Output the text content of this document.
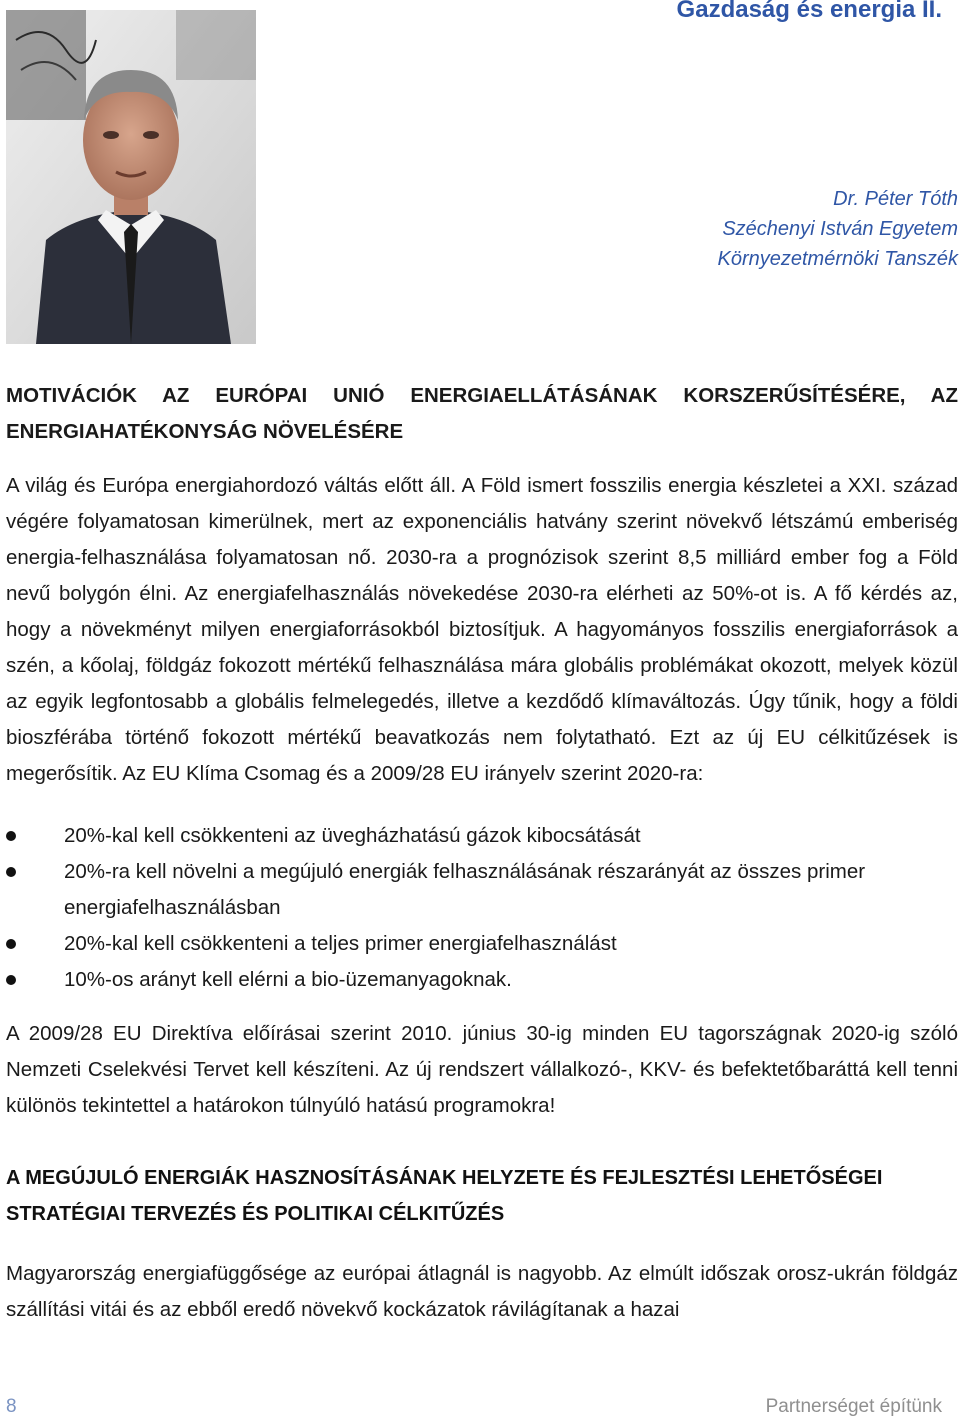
Gazdaság és energia II.
Dr. Péter Tóth
Széchenyi István Egyetem
Környezetmérnöki Tanszék
MOTIVÁCIÓK AZ EURÓPAI UNIÓ ENERGIAELLÁTÁSÁNAK KORSZERŰSÍTÉSÉRE, AZ ENERGIAHATÉKONYSÁG NÖVELÉSÉRE

A világ és Európa energiahordozó váltás előtt áll. A Föld ismert fosszilis energia készletei a XXI. század végére folyamatosan kimerülnek, mert az exponenciális hatvány szerint növekvő létszámú emberiség energia-felhasználása folyamatosan nő. 2030-ra a prognózisok szerint 8,5 milliárd ember fog a Föld nevű bolygón élni. Az energiafelhasználás növekedése 2030-ra elérheti az 50%-ot is. A fő kérdés az, hogy a növekményt milyen energiaforrásokból biztosítjuk. A hagyományos fosszilis energiaforrások a szén, a kőolaj, földgáz fokozott mértékű felhasználása mára globális problémákat okozott, melyek közül az egyik legfontosabb a globális felmelegedés, illetve a kezdődő klímaváltozás. Úgy tűnik, hogy a földi bioszférába történő fokozott mértékű beavatkozás nem folytatható. Ezt az új EU célkitűzések is megerősítik. Az EU Klíma Csomag és a 2009/28 EU irányelv szerint 2020-ra:

20%-kal kell csökkenteni az üvegházhatású gázok kibocsátását
20%-ra kell növelni a megújuló energiák felhasználásának részarányát az összes primer energiafelhasználásban
20%-kal kell csökkenteni a teljes primer energiafelhasználást
10%-os arányt kell elérni a bio-üzemanyagoknak.

A 2009/28 EU Direktíva előírásai szerint 2010. június 30-ig minden EU tagországnak 2020-ig szóló Nemzeti Cselekvési Tervet kell készíteni. Az új rendszert vállalkozó-, KKV- és befektetőbaráttá kell tenni különös tekintettel a határokon túlnyúló hatású programokra!

A MEGÚJULÓ ENERGIÁK HASZNOSÍTÁSÁNAK HELYZETE ÉS FEJLESZTÉSI LEHETŐSÉGEI STRATÉGIAI TERVEZÉS ÉS POLITIKAI CÉLKITŰZÉS

Magyarország energiafüggősége az európai átlagnál is nagyobb. Az elmúlt időszak orosz-ukrán földgáz szállítási vitái és az ebből eredő növekvő kockázatok rávilágítanak a hazai

8	Partnerséget építünk
